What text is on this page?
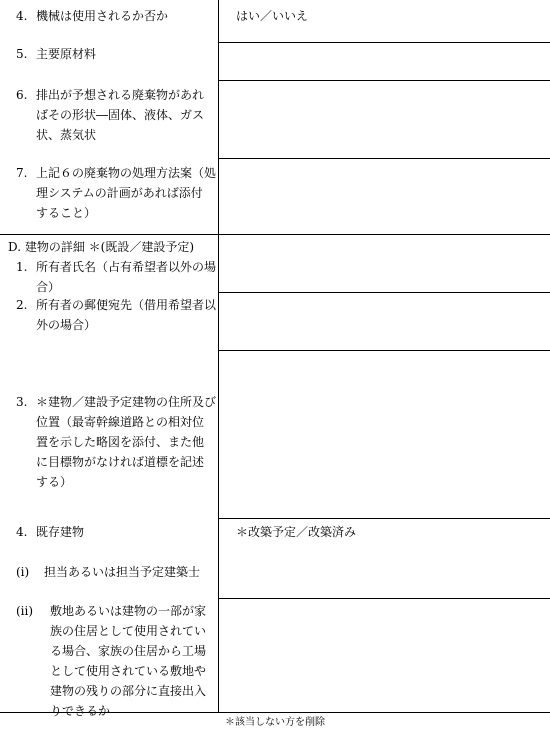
4. 機械は使用されるか否か
5. 主要原材料
6. 排出が予想される廃棄物があれ
ばその形状―固体、液体、ガス
状、蒸気状
7. 上記６の廃棄物の処理方法案（処
理システムの計画があれば添付
すること）
D. 建物の詳細 ＊(既設／建設予定)
1. 所有者氏名（占有希望者以外の場
合）
2. 所有者の郵便宛先（借用希望者以
外の場合）
3. ＊建物／建設予定建物の住所及び
位置（最寄幹線道路との相対位
置を示した略図を添付、また他
に目標物がなければ道標を記述
する）
4. 既存建物
(i) 担当あるいは担当予定建築士
(ii) 敷地あるいは建物の一部が家
族の住居として使用されてい
る場合、家族の住居から工場
として使用されている敷地や
建物の残りの部分に直接出入
りできるか
はい／いいえ
＊改築予定／改築済み
＊該当しない方を削除
